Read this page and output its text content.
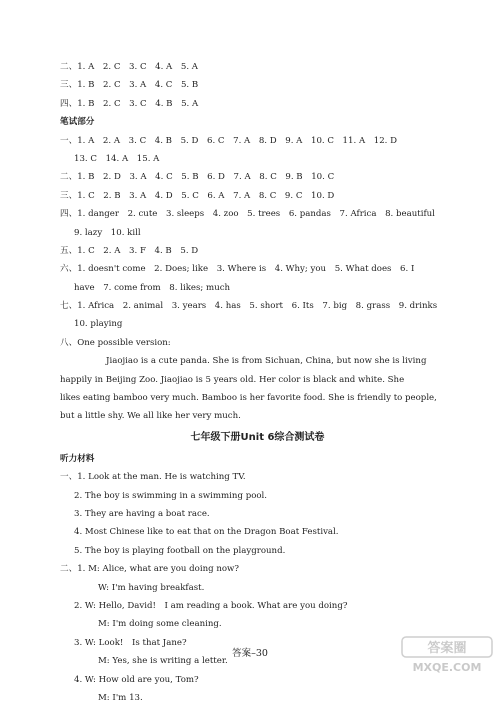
二、1. A　2. C　3. C　4. A　5. A
三、1. B　2. C　3. A　4. C　5. B
四、1. B　2. C　3. C　4. B　5. A
笔试部分
一、1. A　2. A　3. C　4. B　5. D　6. C　7. A　8. D　9. A　10. C　11. A　12. D
13. C　14. A　15. A
二、1. B　2. D　3. A　4. C　5. B　6. D　7. A　8. C　9. B　10. C
三、1. C　2. B　3. A　4. D　5. C　6. A　7. A　8. C　9. C　10. D
四、1. danger　2. cute　3. sleeps　4. zoo　5. trees　6. pandas　7. Africa　8. beautiful
9. lazy　10. kill
五、1. C　2. A　3. F　4. B　5. D
六、1. doesn't come　2. Does; like　3. Where is　4. Why; you　5. What does　6. I
have　7. come from　8. likes; much
七、1. Africa　2. animal　3. years　4. has　5. short　6. Its　7. big　8. grass　9. drinks
10. playing
八、One possible version:

Jiaojiao is a cute panda. She is from Sichuan, China, but now she is living

happily in Beijing Zoo. Jiaojiao is 5 years old. Her color is black and white. She

likes eating bamboo very much. Bamboo is her favorite food. She is friendly to people,

but a little shy. We all like her very much.

七年级下册Unit 6综合测试卷
听力材料
一、1. Look at the man. He is watching TV.
2. The boy is swimming in a swimming pool.
3. They are having a boat race.
4. Most Chinese like to eat that on the Dragon Boat Festival.
5. The boy is playing football on the playground.
二、1. M: Alice, what are you doing now?
W: I'm having breakfast.
2. W: Hello, David!　I am reading a book. What are you doing?
M: I'm doing some cleaning.
3. W: Look!　Is that Jane?
M: Yes, she is writing a letter.
4. W: How old are you, Tom?
M: I'm 13.
答案–30	答案圈
MXQE.COM
